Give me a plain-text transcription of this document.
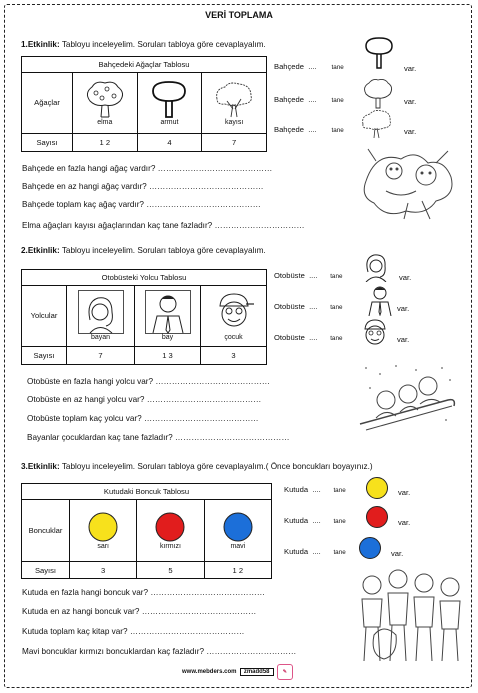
VERİ TOPLAMA
1.Etkinlik: Tabloyu inceleyelim. Soruları tabloya göre cevaplayalım.
Bahçedeki Ağaçlar Tablosu			
Ağaçlar	elma	armut	kayısı

Sayısı	1 2	4	7
Bahçede .... tane	var.
Bahçede .... tane	var.
Bahçede .... tane	var.
Bahçede en fazla hangi ağaç vardır? ……………………………………
Bahçede en az hangi ağaç vardır? ……………………………………
Bahçede toplam kaç ağaç vardır? ……………………………………
Elma ağaçları kayısı ağaçlarından kaç tane fazladır? ……………………………
2.Etkinlik: Tabloyu inceleyelim. Soruları tabloya göre cevaplayalım.
Otobüsteki Yolcu Tablosu			
Yolcular	bayan	bay	çocuk

Sayısı	7	1 3	3
Otobüste .... tane	var.
Otobüste .... tane	var.
Otobüste .... tane	var.
Otobüste en fazla hangi yolcu var? ……………………………………
Otobüste en az hangi yolcu var? ……………………………………
Otobüste toplam kaç yolcu var? ……………………………………
Bayanlar çocuklardan kaç tane fazladır? ……………………………………
3.Etkinlik: Tabloyu inceleyelim. Soruları tabloya göre cevaplayalım.( Önce boncukları boyayınız.)
Kutudaki Boncuk Tablosu			
Boncuklar	sarı	kırmızı	mavi

Sayısı	3	5	1 2
Kutuda .... tane	var.
Kutuda .... tane	var.
Kutuda .... tane	var.
Kutuda en fazla hangi boncuk var? ……………………………………
Kutuda en az hangi boncuk var? ……………………………………
Kutuda toplam kaç kitap var? ……………………………………
Mavi boncuklar kırmızı boncuklardan kaç fazladır? ……………………………
www.mebders.com zmadd58	✎
